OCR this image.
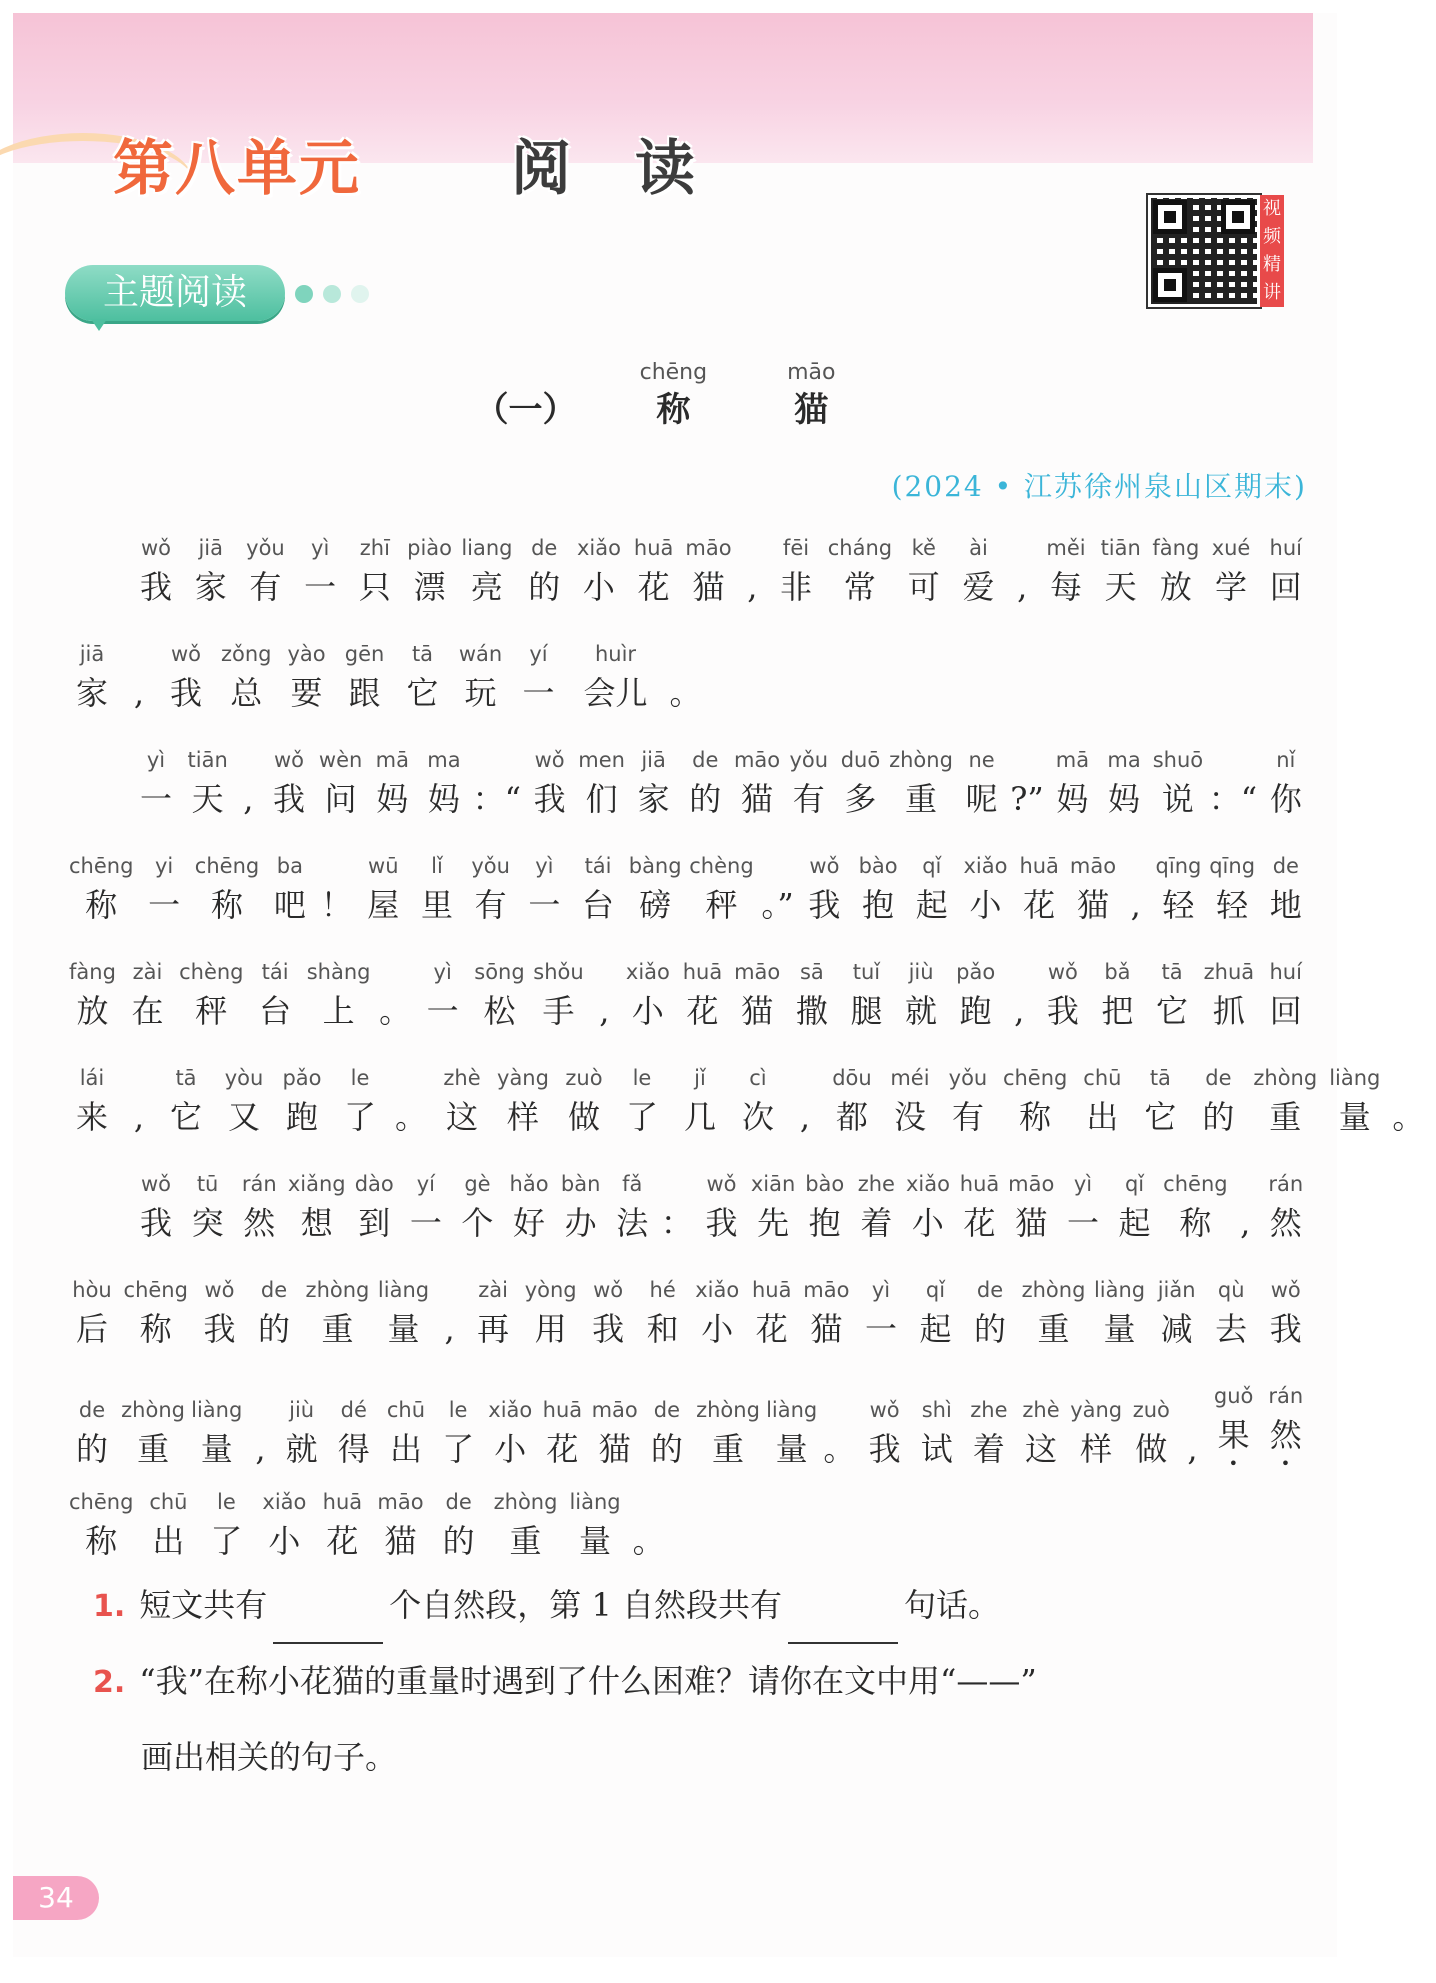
第八单元	阅读
视频精讲
主题阅读
（一）
chēng
称
māo
猫
(2024 • 江苏徐州泉山区期末)
wǒ
我
jiā
家
yǒu
有
yì
一
zhī
只
piào
漂
liang
亮
de
的
xiǎo
小
huā
花
māo
猫
,
fēi
非
cháng
常
kě
可
ài
爱
,
měi
每
tiān
天
fàng
放
xué
学
huí
回
jiā
家
,
wǒ
我
zǒng
总
yào
要
gēn
跟
tā
它
wán
玩
yí
一
huìr
会儿
。
yì
一
tiān
天
,
wǒ
我
wèn
问
mā
妈
ma
妈
：“
wǒ
我
men
们
jiā
家
de
的
māo
猫
yǒu
有
duō
多
zhòng
重
ne
呢
?”
mā
妈
ma
妈
shuō
说
：“
nǐ
你
chēng
称
yi
一
chēng
称
ba
吧
！
wū
屋
lǐ
里
yǒu
有
yì
一
tái
台
bàng
磅
chèng
秤
。”
wǒ
我
bào
抱
qǐ
起
xiǎo
小
huā
花
māo
猫
,
qīng
轻
qīng
轻
de
地
fàng
放
zài
在
chèng
秤
tái
台
shàng
上
。
yì
一
sōng
松
shǒu
手
,
xiǎo
小
huā
花
māo
猫
sā
撒
tuǐ
腿
jiù
就
pǎo
跑
,
wǒ
我
bǎ
把
tā
它
zhuā
抓
huí
回
lái
来
,
tā
它
yòu
又
pǎo
跑
le
了
。
zhè
这
yàng
样
zuò
做
le
了
jǐ
几
cì
次
,
dōu
都
méi
没
yǒu
有
chēng
称
chū
出
tā
它
de
的
zhòng
重
liàng
量
。
wǒ
我
tū
突
rán
然
xiǎng
想
dào
到
yí
一
gè
个
hǎo
好
bàn
办
fǎ
法
：
wǒ
我
xiān
先
bào
抱
zhe
着
xiǎo
小
huā
花
māo
猫
yì
一
qǐ
起
chēng
称
,
rán
然
hòu
后
chēng
称
wǒ
我
de
的
zhòng
重
liàng
量
,
zài
再
yòng
用
wǒ
我
hé
和
xiǎo
小
huā
花
māo
猫
yì
一
qǐ
起
de
的
zhòng
重
liàng
量
jiǎn
减
qù
去
wǒ
我
de
的
zhòng
重
liàng
量
,
jiù
就
dé
得
chū
出
le
了
xiǎo
小
huā
花
māo
猫
de
的
zhòng
重
liàng
量
。
wǒ
我
shì
试
zhe
着
zhè
这
yàng
样
zuò
做
,
guǒ
果
rán
然
chēng
称
chū
出
le
了
xiǎo
小
huā
花
māo
猫
de
的
zhòng
重
liàng
量
。
1. 短文共有	个自然段，第 1 自然段共有	句话。
2. “我”在称小花猫的重量时遇到了什么困难？请你在文中用“——”
画出相关的句子。
34
